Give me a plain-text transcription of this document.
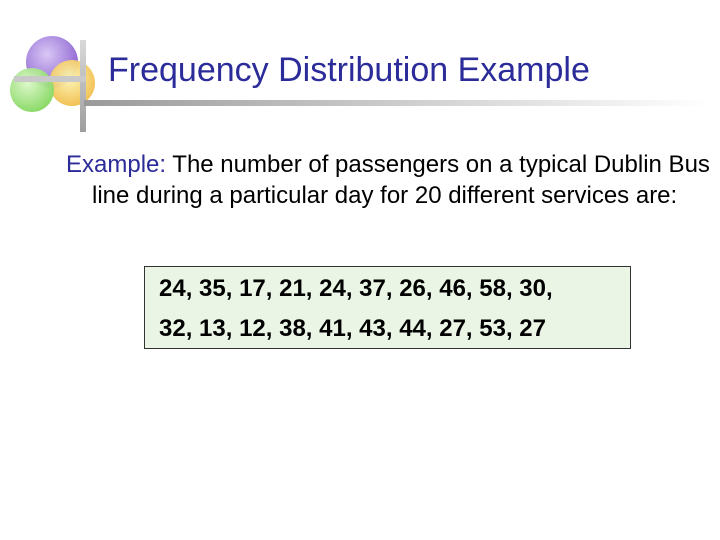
Frequency Distribution Example
Example: The number of passengers on a typical Dublin Bus line during a particular day for 20 different services are:
24, 35, 17, 21, 24, 37, 26, 46, 58, 30,
32, 13, 12, 38, 41, 43, 44, 27, 53, 27
